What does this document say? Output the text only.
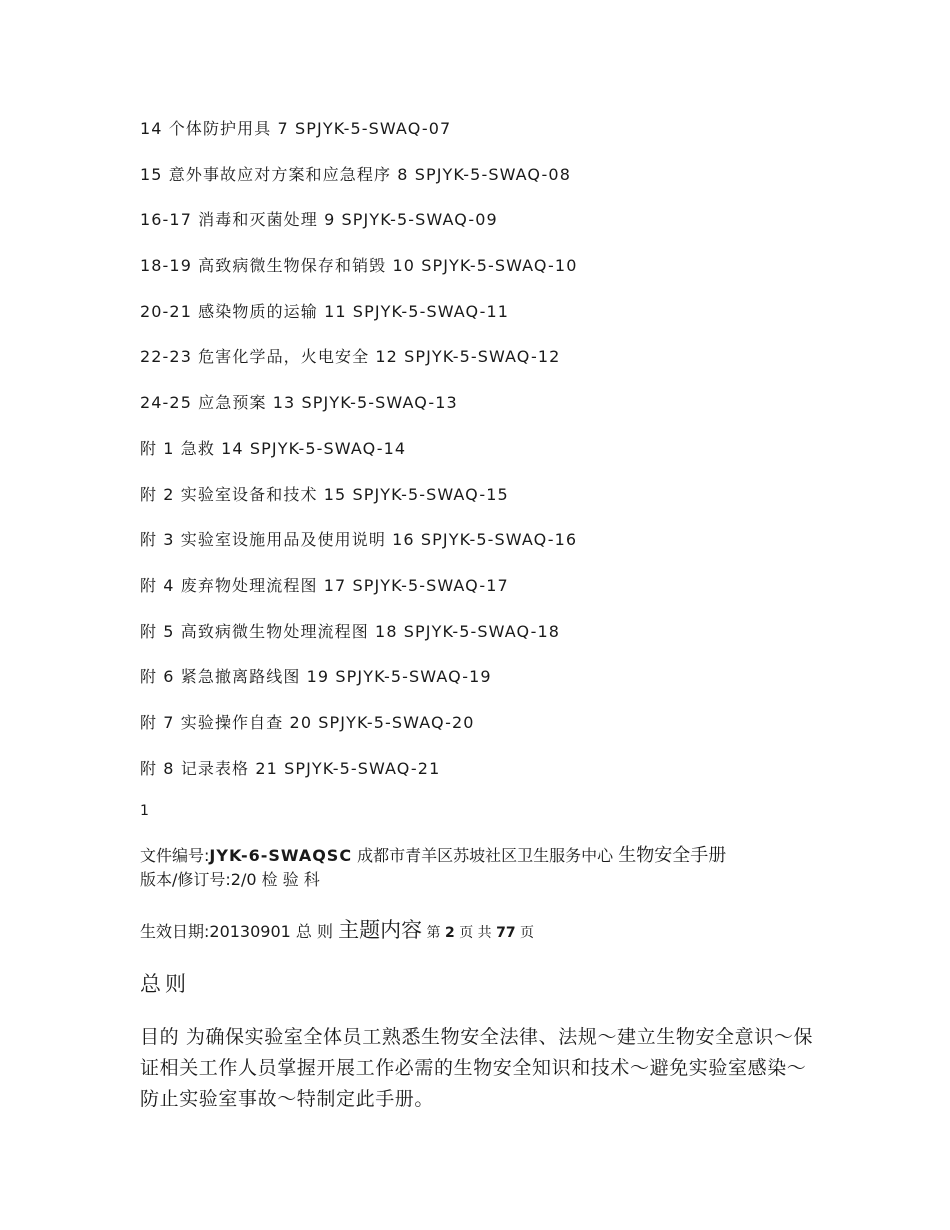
14 个体防护用具 7 SPJYK-5-SWAQ-07
15 意外事故应对方案和应急程序 8 SPJYK-5-SWAQ-08
16-17 消毒和灭菌处理 9 SPJYK-5-SWAQ-09
18-19 高致病微生物保存和销毁 10 SPJYK-5-SWAQ-10
20-21 感染物质的运输 11 SPJYK-5-SWAQ-11
22-23 危害化学品，火电安全 12 SPJYK-5-SWAQ-12
24-25 应急预案 13 SPJYK-5-SWAQ-13
附 1 急救 14 SPJYK-5-SWAQ-14
附 2 实验室设备和技术 15 SPJYK-5-SWAQ-15
附 3 实验室设施用品及使用说明 16 SPJYK-5-SWAQ-16
附 4 废弃物处理流程图 17 SPJYK-5-SWAQ-17
附 5 高致病微生物处理流程图 18 SPJYK-5-SWAQ-18
附 6 紧急撤离路线图 19 SPJYK-5-SWAQ-19
附 7 实验操作自查 20 SPJYK-5-SWAQ-20
附 8 记录表格 21 SPJYK-5-SWAQ-21
1
文件编号:JYK-6-SWAQSC 成都市青羊区苏坡社区卫生服务中心 生物安全手册
版本/修订号:2/0 检 验 科
生效日期:20130901 总 则 主题内容 第 2 页 共 77 页
总则
目的 为确保实验室全体员工熟悉生物安全法律、法规～建立生物安全意识～保证相关工作人员掌握开展工作必需的生物安全知识和技术～避免实验室感染～防止实验室事故～特制定此手册。
